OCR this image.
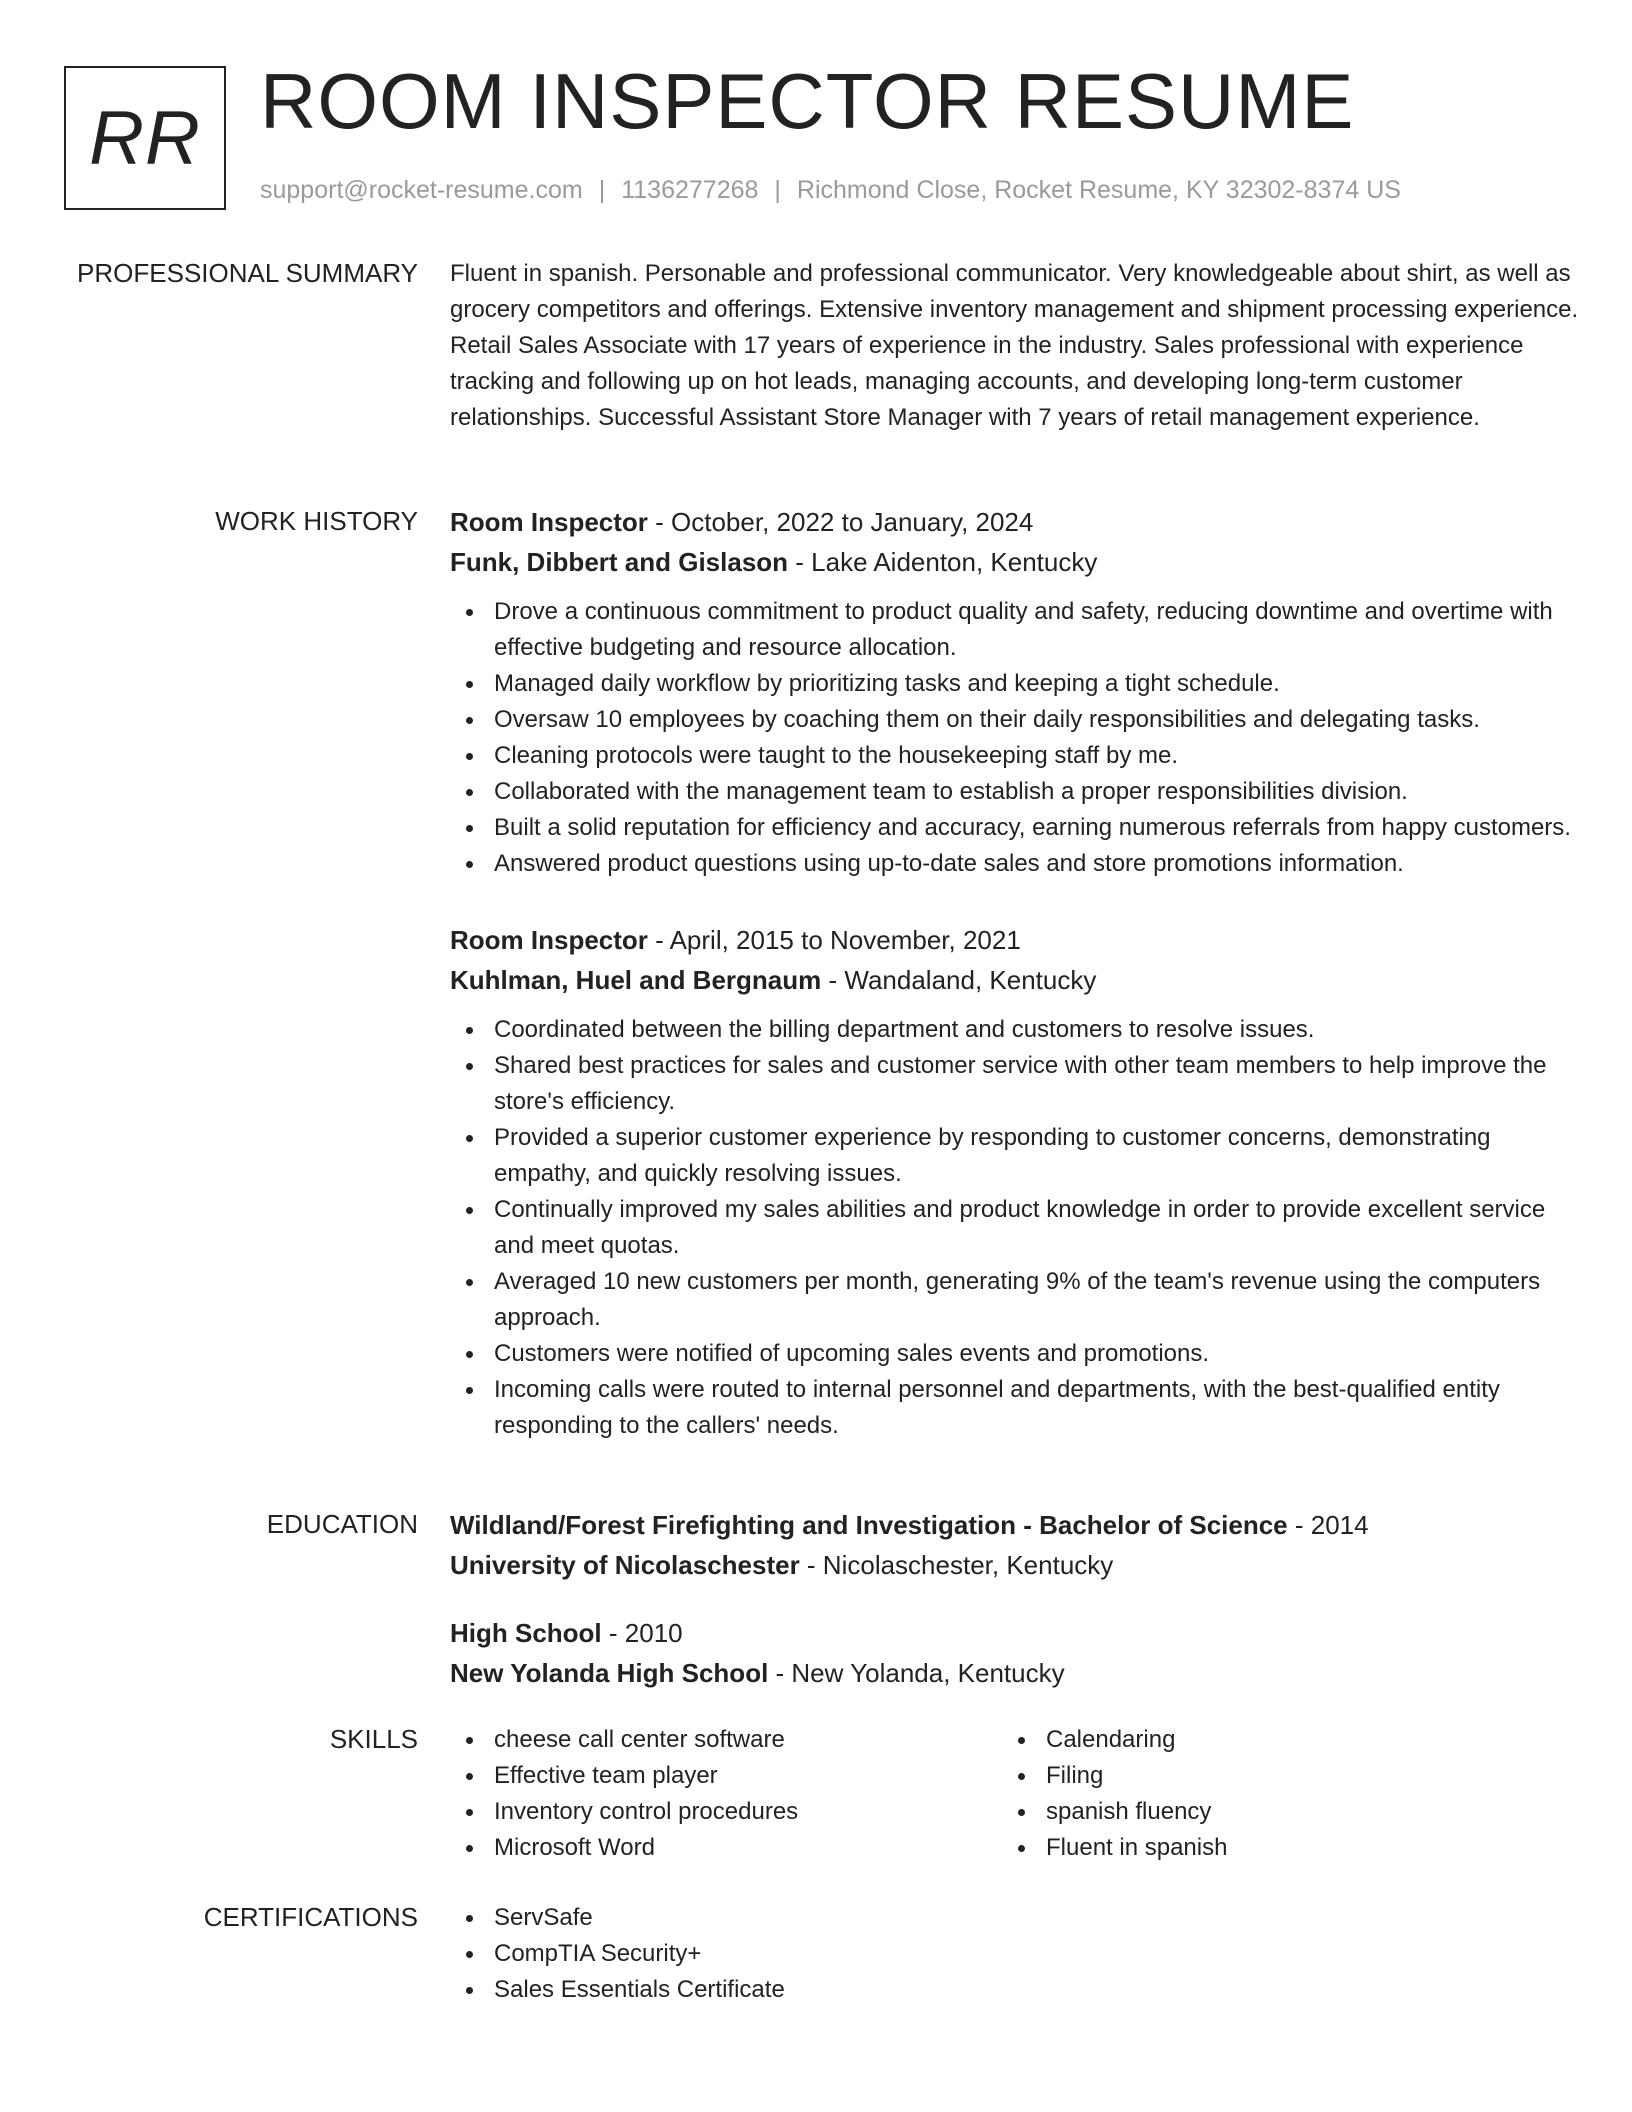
RR ROOM INSPECTOR RESUME
support@rocket-resume.com | 1136277268 | Richmond Close, Rocket Resume, KY 32302-8374 US
PROFESSIONAL SUMMARY Fluent in spanish. Personable and professional communicator. Very knowledgeable about shirt, as well as grocery competitors and offerings. Extensive inventory management and shipment processing experience. Retail Sales Associate with 17 years of experience in the industry. Sales professional with experience tracking and following up on hot leads, managing accounts, and developing long-term customer relationships. Successful Assistant Store Manager with 7 years of retail management experience.
WORK HISTORY Room Inspector - October, 2022 to January, 2024
Funk, Dibbert and Gislason - Lake Aidenton, Kentucky
Drove a continuous commitment to product quality and safety, reducing downtime and overtime with effective budgeting and resource allocation.
Managed daily workflow by prioritizing tasks and keeping a tight schedule.
Oversaw 10 employees by coaching them on their daily responsibilities and delegating tasks.
Cleaning protocols were taught to the housekeeping staff by me.
Collaborated with the management team to establish a proper responsibilities division.
Built a solid reputation for efficiency and accuracy, earning numerous referrals from happy customers.
Answered product questions using up-to-date sales and store promotions information.
Room Inspector - April, 2015 to November, 2021
Kuhlman, Huel and Bergnaum - Wandaland, Kentucky
Coordinated between the billing department and customers to resolve issues.
Shared best practices for sales and customer service with other team members to help improve the store's efficiency.
Provided a superior customer experience by responding to customer concerns, demonstrating empathy, and quickly resolving issues.
Continually improved my sales abilities and product knowledge in order to provide excellent service and meet quotas.
Averaged 10 new customers per month, generating 9% of the team's revenue using the computers approach.
Customers were notified of upcoming sales events and promotions.
Incoming calls were routed to internal personnel and departments, with the best-qualified entity responding to the callers' needs.
EDUCATION Wildland/Forest Firefighting and Investigation - Bachelor of Science - 2014
University of Nicolaschester - Nicolaschester, Kentucky
High School - 2010
New Yolanda High School - New Yolanda, Kentucky
SKILLS	cheese call center software
Effective team player
Inventory control procedures
Microsoft Word
Calendaring
Filing
spanish fluency
Fluent in spanish
CERTIFICATIONS	ServSafe
CompTIA Security+
Sales Essentials Certificate
